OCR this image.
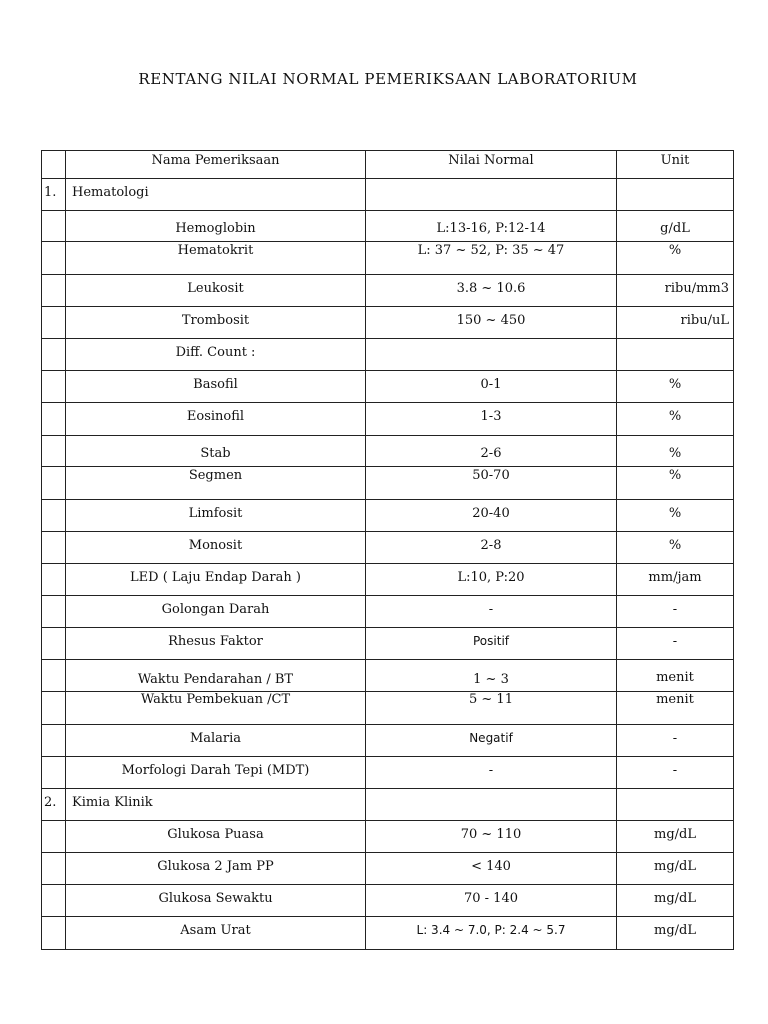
RENTANG NILAI NORMAL PEMERIKSAAN LABORATORIUM
	Nama Pemeriksaan	Nilai Normal	Unit
1.	Hematologi		
	Hemoglobin	L:13-16, P:12-14	g/dL
	Hematokrit	L: 37 ~ 52, P: 35 ~ 47	%
	Leukosit	3.8 ~ 10.6	ribu/mm3
	Trombosit	150 ~ 450	ribu/uL
	Diff. Count :		
	Basofil	0-1	%
	Eosinofil	1-3	%
	Stab	2-6	%
	Segmen	50-70	%
	Limfosit	20-40	%
	Monosit	2-8	%
	LED ( Laju Endap Darah )	L:10, P:20	mm/jam
	Golongan Darah	-	-
	Rhesus Faktor	Positif	-
	Waktu Pendarahan / BT	1 ~ 3	menit
	Waktu Pembekuan /CT	5 ~ 11	menit
	Malaria	Negatif	-
	Morfologi Darah Tepi (MDT)	-	-
2.	Kimia Klinik		
	Glukosa Puasa	70 ~ 110	mg/dL
	Glukosa 2 Jam PP	< 140	mg/dL
	Glukosa Sewaktu	70 - 140	mg/dL
	Asam Urat	L: 3.4 ~ 7.0, P: 2.4 ~ 5.7	mg/dL
